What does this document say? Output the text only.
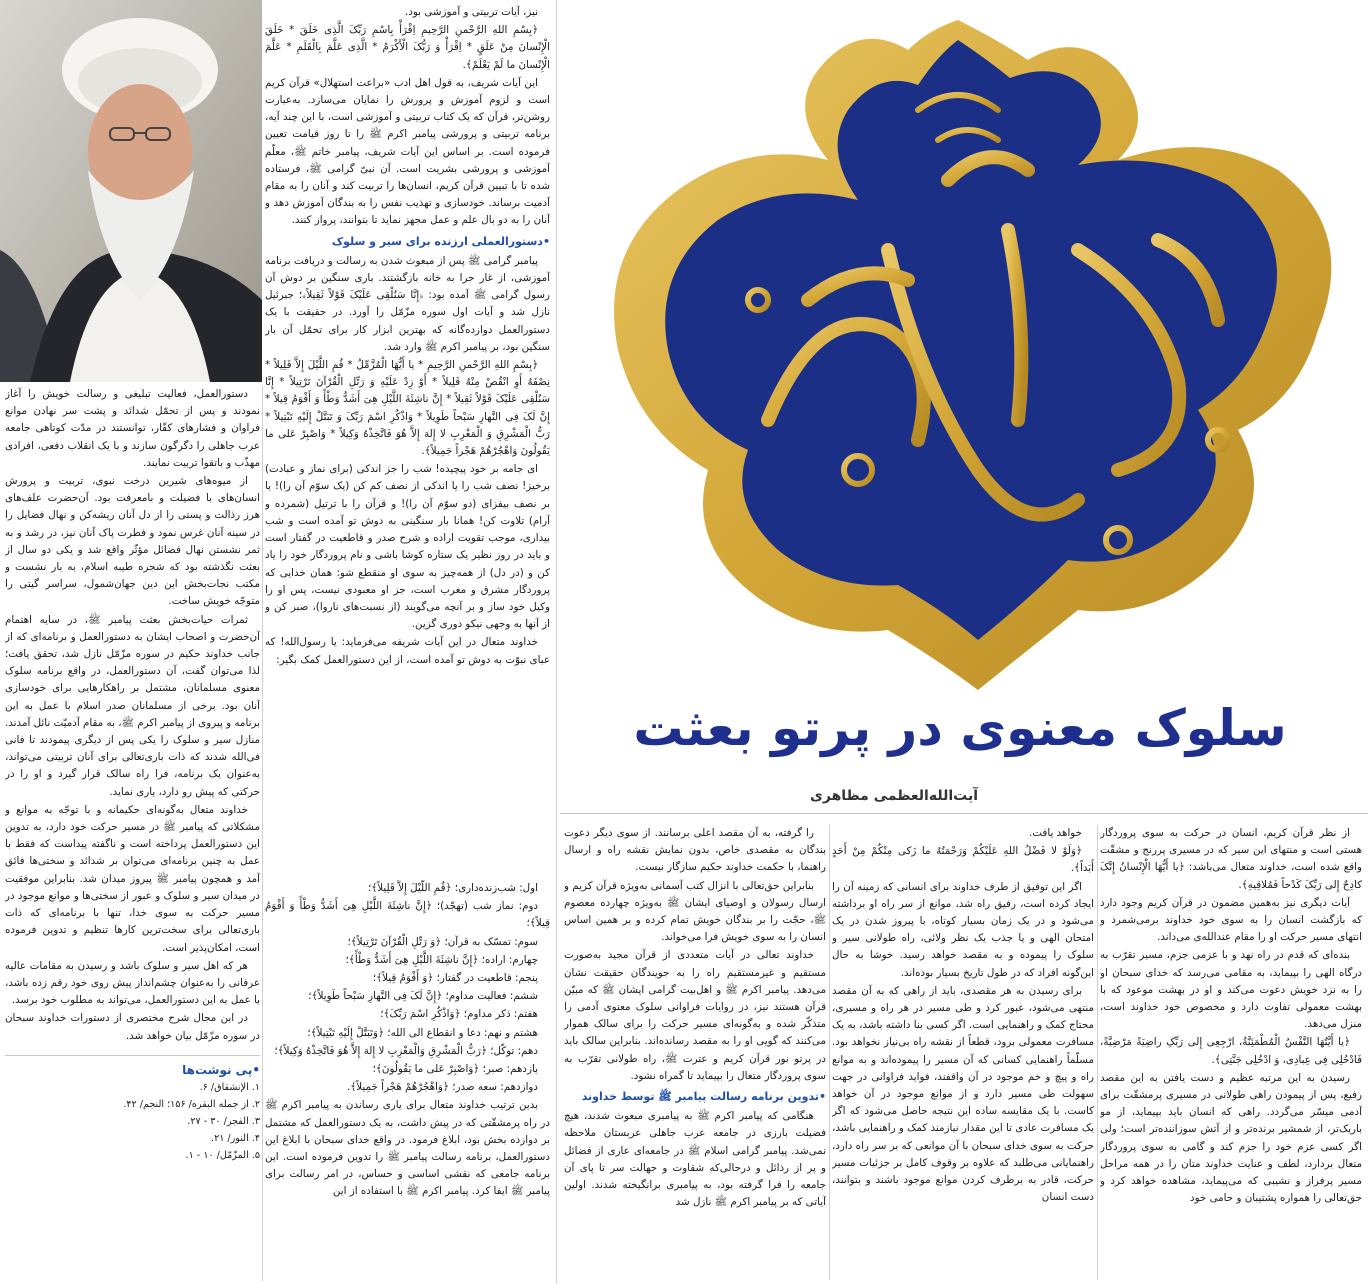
سلوک معنوی در پرتو بعثت
آیت‌الله‌العظمی مظاهری

نیز، آیات تربیتی و آموزشی بود.

﴿بِسْمِ اللهِ الرَّحْمنِ الرَّحِیمِ اِقْرَأْ بِاسْمِ رَبِّکَ الَّذِی خَلَقَ * خَلَقَ الْإِنْسانَ مِنْ عَلَقٍ * اِقْرَأْ وَ رَبُّکَ الْأَکْرَمُ * الَّذِی عَلَّمَ بِالْقَلَمِ * عَلَّمَ الْإِنْسانَ ما لَمْ یَعْلَمْ﴾.

این آیات شریف، به قول اهل ادب «براعت استهلال» قرآن کریم است و لزوم آموزش و پرورش را نمایان می‌سازد. به‌عبارت روشن‌تر، قرآن که یک کتاب تربیتی و آموزشی است، با این چند آیه، برنامه تربیتی و پرورشی پیامبر اکرم ﷺ را تا روز قیامت تعیین فرموده است. بر اساس این آیات شریف، پیامبر خاتم ﷺ، معلّم آموزشی و پرورشی بشریت است. آن نبیّ گرامی ﷺ، فرستاده شده تا با تبیین قرآن کریم، انسان‌ها را تربیت کند و آنان را به مقام آدمیت برساند. خودسازی و تهذیب نفس را به بندگان آموزش دهد و آنان را به دو بال علم و عمل مجهز نماید تا بتوانند، پرواز کنند.

• دستورالعملی ارزنده برای سیر و سلوک

پیامبر گرامی ﷺ پس از مبعوث شدن به رسالت و دریافت برنامه آموزشی، از غار حرا به خانه بازگشتند. باری سنگین بر دوش آن رسول گرامی ﷺ آمده بود: ﴿إِنَّا سَنُلْقِی عَلَیْکَ قَوْلاً ثَقِیلاً﴾؛ جبرئیل نازل شد و آیات اول سوره مزّمّل را آورد. در حقیقت با یک دستورالعمل دوازده‌گانه که بهترین ابزار کار برای تحمّل آن بار سنگین بود، بر پیامبر اکرم ﷺ وارد شد.

﴿بِسْمِ اللهِ الرَّحْمنِ الرَّحِیمِ * یا أَیُّهَا الْمُزَّمِّلُ * قُمِ اللَّیْلَ إِلاَّ قَلِیلاً * نِصْفَهُ أَوِ انْقُصْ مِنْهُ قَلِیلاً * أَوْ زِدْ عَلَیْهِ وَ رَتِّلِ الْقُرْآنَ تَرْتِیلاً * إِنَّا سَنُلْقِی عَلَیْکَ قَوْلاً ثَقِیلاً * إِنَّ ناشِئَةَ اللَّیْلِ هِیَ أَشَدُّ وَطْأً وَ أَقْوَمُ قِیلاً * إِنَّ لَکَ فِی النَّهارِ سَبْحاً طَوِیلاً * وَاذْکُرِ اسْمَ رَبِّکَ وَ تَبَتَّلْ إِلَیْهِ تَبْتِیلاً * رَبُّ الْمَشْرِقِ وَ الْمَغْرِبِ لا إِلهَ إِلاَّ هُوَ فَاتَّخِذْهُ وَکِیلاً * وَاصْبِرْ عَلی ما یَقُولُونَ وَاهْجُرْهُمْ هَجْراً جَمِیلاً﴾.

ای جامه بر خود پیچیده! شب را جز اندکی (برای نماز و عبادت) برخیز! نصف شب را یا اندکی از نصف کم کن (یک سوّم آن را)! یا بر نصف بیفزای (دو سوّم آن را)! و قرآن را با ترتیل (شمرده و آرام) تلاوت کن! همانا بار سنگینی به دوش تو آمده است و شب بیداری، موجب تقویت اراده و شرح صدر و قاطعیت در گفتار است و باید در روز نظیر یک ستاره کوشا باشی و نام پروردگار خود را یاد کن و (در دل) از همه‌چیز به سوی او منقطع شو: همان خدایی که پروردگار مشرق و مغرب است، جز او معبودی نیست، پس او را وکیل خود ساز و بر آنچه می‌گویند (از نسبت‌های ناروا)، صبر کن و از آنها به وجهی نیکو دوری گزین.

خداوند متعال در این آیات شریفه می‌فرماید: یا رسول‌الله! که عبای نبوّت به دوش تو آمده است، از این دستورالعمل کمک بگیر:

دستورالعمل، فعالیت تبلیغی و رسالت خویش را آغاز نمودند و پس از تحمّل شدائد و پشت سر نهادن موانع فراوان و فشارهای کفّار، توانستند در مدّت کوتاهی جامعه عرب جاهلی را دگرگون سازند و با یک انقلاب دفعی، افرادی مهذّب و باتقوا تربیت نمایند.

از میوه‌های شیرین درخت نبوی، تربیت و پرورش انسان‌های با فضیلت و بامعرفت بود. آن‌حضرت علف‌های هرز رذالت و پستی را از دل آنان ریشه‌کن و نهال فضایل را در سینه آنان غرس نمود و فطرت پاک آنان نیز، در رشد و به ثمر نشستن نهال فضائل مؤثّر واقع شد و یکی دو سال از بعثت نگذشته بود که شجره طیبه اسلام، به بار نشست و مکتب نجات‌بخش این دین جهان‌شمول، سراسر گیتی را متوجّه خویش ساخت.

ثمرات حیات‌بخش بعثت پیامبر ﷺ، در سایه اهتمام آن‌حضرت و اصحاب ایشان به دستورالعمل و برنامه‌ای که از جانب خداوند حکیم در سوره مزّمّل نازل شد، تحقق یافت؛ لذا می‌توان گفت، آن دستورالعمل، در واقع برنامه سلوک معنوی مسلمانان، مشتمل بر راهکارهایی برای خودسازی آنان بود. برخی از مسلمانان صدر اسلام با عمل به این برنامه و پیروی از پیامبر اکرم ﷺ، به مقام آدمیّت نائل آمدند. منازل سیر و سلوک را یکی پس از دیگری پیمودند تا فانی فی‌الله شدند که ذات باری‌تعالی برای آنان تربیتی می‌تواند، به‌عنوان یک برنامه، فرا راه سالک قرار گیرد و او را در حرکتی که پیش رو دارد، یاری نماید.

خداوند متعال به‌گونه‌ای حکیمانه و با توجّه به موانع و مشکلاتی که پیامبر ﷺ در مسیر حرکت خود دارد، به تدوین این دستورالعمل پرداخته است و ناگفته پیداست که فقط با عمل به چنین برنامه‌ای می‌توان بر شدائد و سختی‌ها فائق آمد و همچون پیامبر ﷺ پیروز میدان شد. بنابراین موفقیت در میدان سیر و سلوک و عبور از سختی‌ها و موانع موجود در مسیر حرکت به سوی خدا، تنها با برنامه‌ای که ذات باری‌تعالی برای سخت‌ترین کارها تنظیم و تدوین فرموده است، امکان‌پذیر است.

هر که اهل سیر و سلوک باشد و رسیدن به مقامات عالیه عرفانی را به‌عنوان چشم‌انداز پیش روی خود رقم زده باشد، با عمل به این دستورالعمل، می‌تواند به مطلوب خود برسد.

در این مجال شرح مختصری از دستورات خداوند سبحان در سوره مزّمّل بیان خواهد شد.

• پی نوشت‌ها

۱. الإنشقاق/ ۶.

۲. از جمله البقره/ ۱۵۶؛ النجم/ ۴۲.

۳. الفجر/ ۳۰ - ۲۷.

۴. النور/ ۲۱.

۵. المزّمّل/ ۱۰ - ۱.

از نظر قرآن کریم، انسان در حرکت به سوی پروردگار هستی است و منتهای این سیر که در مسیری پررنج و مشقّت واقع شده است، خداوند متعال می‌باشد: ﴿یا أَیُّهَا الْإِنْسانُ إِنَّکَ کادِحٌ إِلی رَبِّکَ کَدْحاً فَمُلاقِیهِ﴾.

آیات دیگری نیز به‌همین مضمون در قرآن کریم وجود دارد که بازگشت انسان را به سوی خود خداوند برمی‌شمرد و انتهای مسیر حرکت او را مقام عندالله‌ی می‌داند.

بنده‌ای که قدم در راه نهد و با عزمی جزم، مسیر تقرّب به درگاه الهی را بپیماید، به مقامی می‌رسد که خدای سبحان او را به نزد خویش دعوت می‌کند و او در بهشت موعود که با بهشت معمولی تفاوت دارد و مخصوص خود خداوند است، منزل می‌دهد.

﴿یا أَیَّتُهَا النَّفْسُ الْمُطْمَئِنَّةُ، ارْجِعِی إِلی رَبِّکِ راضِیَةً مَرْضِیَّةً، فَادْخُلِی فِی عِبادِی، وَ ادْخُلِی جَنَّتِی﴾.

رسیدن به این مرتبه عظیم و دست یافتن به این مقصد رفیع، پس از پیمودن راهی طولانی در مسیری پرمشقّت برای آدمی میسّر می‌گردد. راهی که انسان باید بپیماید، از مو باریک‌تر، از شمشیر برنده‌تر و از آتش سوزاننده‌تر است؛ ولی اگر کسی عزم خود را جزم کند و گامی به سوی پروردگار متعال بردارد، لطف و عنایت خداوند متان را در همه مراحل مسیر پرفراز و نشیبی که می‌پیماید، مشاهده خواهد کرد و حق‌تعالی را همواره پشتیبان و حامی خود

خواهد یافت.

﴿وَلَوْ لا فَضْلُ اللهِ عَلَیْکُمْ وَرَحْمَتُهُ ما زَکی مِنْکُمْ مِنْ أَحَدٍ أَبَداً﴾.

اگر این توفیق از طرف خداوند برای انسانی که زمینه آن را ایجاد کرده است، رفیق راه شد، موانع از سر راه او برداشته می‌شود و در یک زمان بسیار کوتاه، با پیروز شدن در یک امتحان الهی و یا جذب یک نظر ولائی، راه طولانی سیر و سلوک را پیموده و به مقصد خواهد رسید. خوشا به حال این‌گونه افراد که در طول تاریخ بسیار بوده‌اند.

برای رسیدن به هر مقصدی، باید از راهی که به آن مقصد منتهی می‌شود، عبور کرد و طی مسیر در هر راه و مسیری، محتاج کمک و راهنمایی است. اگر کسی بنا داشته باشد، به یک مسافرت معمولی برود، قطعاً از نقشه راه بی‌نیاز نخواهد بود. مسلّماً راهنمایی کسانی که آن مسیر را پیموده‌اند و به موانع راه و پیچ و خم موجود در آن واقفند، فواید فراوانی در جهت سهولت طی مسیر دارد و از موانع موجود در آن خواهد کاست. با یک مقایسه ساده این نتیجه حاصل می‌شود که اگر یک مسافرت عادی تا این مقدار نیازمند کمک و راهنمایی باشد، حرکت به سوی خدای سبحان با آن موانعی که بر سر راه دارد، راهنمایانی می‌طلبد که علاوه بر وقوف کامل بر جزئیات مسیر حرکت، قادر به برطرف کردن موانع موجود باشند و بتوانند، دست انسان

را گرفته، به آن مقصد اعلی برسانند. از سوی دیگر دعوت بندگان به مقصدی خاص، بدون نمایش نقشه راه و ارسال راهنما، با حکمت خداوند حکیم سازگار نیست.

بنابراین حق‌تعالی با انزال کتب آسمانی به‌ویژه قرآن کریم و ارسال رسولان و اوصیای ایشان ﷺ به‌ویژه چهارده معصوم ﷺ، حجّت را بر بندگان خویش تمام کرده و بر همین اساس انسان را به سوی خویش فرا می‌خواند.

خداوند تعالی در آیات متعددی از قرآن مجید به‌صورت مستقیم و غیرمستقیم راه را به جویندگان حقیقت نشان می‌دهد. پیامبر اکرم ﷺ و اهل‌بیت گرامی ایشان ﷺ که مبیّن قرآن هستند نیز، در روایات فراوانی سلوک معنوی آدمی را متذکّر شده و به‌گونه‌ای مسیر حرکت را برای سالک هموار می‌کنند که گویی او را به مقصد رسانده‌اند. بنابراین سالک باید در پرتو نور قرآن کریم و عترت ﷺ، راه طولانی تقرّب به سوی پروردگار متعال را بپیماید تا گمراه نشود.

• تدوین برنامه رسالت پیامبر ﷺ توسط خداوند

هنگامی که پیامبر اکرم ﷺ به پیامبری مبعوث شدند، هیچ فضیلت بارزی در جامعه عرب جاهلی عربستان ملاحظه نمی‌شد. پیامبر گرامی اسلام ﷺ در جامعه‌ای عاری از فضائل و پر از رذائل و درحالی‌که شقاوت و جهالت سر تا پای آن جامعه را فرا گرفته بود، به پیامبری برانگیخته شدند. اولین آیاتی که بر پیامبر اکرم ﷺ نازل شد

اول: شب‌زنده‌داری؛ ﴿قُمِ اللَّیْلَ إِلاَّ قَلِیلاً﴾؛

دوم: نماز شب (تهجّد)؛ ﴿إِنَّ ناشِئَةَ اللَّیْلِ هِیَ أَشَدُّ وَطْأً وَ أَقْوَمُ قِیلاً﴾؛

سوم: تمسّک به قرآن؛ ﴿وَ رَتِّلِ الْقُرْآنَ تَرْتِیلاً﴾؛

چهارم: اراده؛ ﴿إِنَّ ناشِئَةَ اللَّیْلِ هِیَ أَشَدُّ وَطْأً﴾؛

پنجم: قاطعیت در گفتار؛ ﴿وَ أَقْوَمُ قِیلاً﴾؛

ششم: فعالیت مداوم؛ ﴿إِنَّ لَکَ فِی النَّهارِ سَبْحاً طَوِیلاً﴾؛

هفتم: ذکر مداوم؛ ﴿وَاذْکُرِ اسْمَ رَبِّکَ﴾؛

هشتم و نهم: دعا و انقطاع الی الله؛ ﴿وَتَبَتَّلْ إِلَیْهِ تَبْتِیلاً﴾؛

دهم: توکّل؛ ﴿رَبُّ الْمَشْرِقِ وَالْمَغْرِبِ لا إِلهَ إِلاَّ هُوَ فَاتَّخِذْهُ وَکِیلاً﴾؛

یازدهم: صبر؛ ﴿وَاصْبِرْ عَلی ما یَقُولُونَ﴾؛

دوازدهم: سعه صدر؛ ﴿وَاهْجُرْهُمْ هَجْراً جَمِیلاً﴾.

بدین ترتیب خداوند متعال برای یاری رساندن به پیامبر اکرم ﷺ در راه پرمشقّتی که در پیش داشت، به یک دستورالعمل که مشتمل بر دوازده بخش بود، ابلاغ فرمود. در واقع خدای سبحان با ابلاغ این دستورالعمل، برنامه رسالت پیامبر ﷺ را تدوین فرموده است. این برنامه جامعی که نقشی اساسی و حساس، در امر رسالت برای پیامبر ﷺ ایفا کرد. پیامبر اکرم ﷺ با استفاده از این
